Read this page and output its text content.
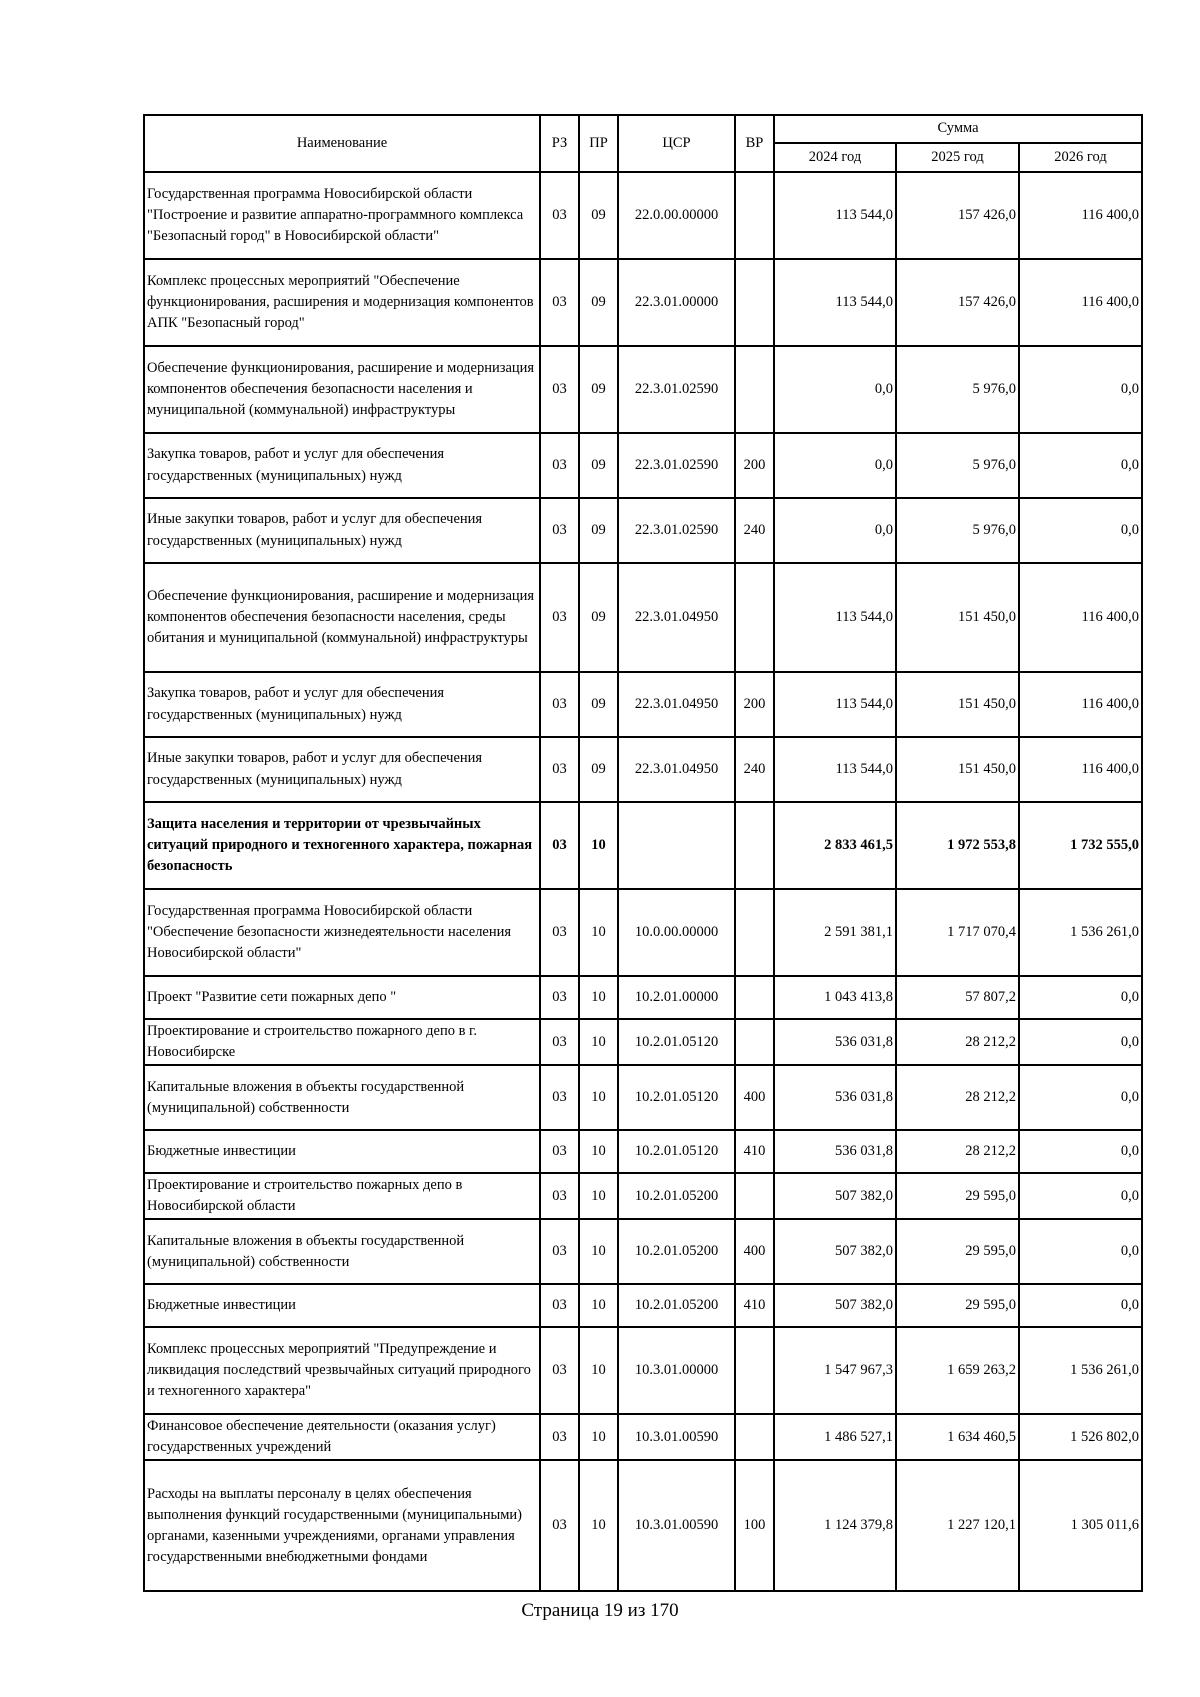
Наименование	РЗ	ПР	ЦСР	ВР	Сумма		
					2024 год	2025 год	2026 год
Государственная программа Новосибирской области "Построение и развитие аппаратно-программного комплекса "Безопасный город" в Новосибирской области"	03	09	22.0.00.00000		113 544,0	157 426,0	116 400,0
Комплекс процессных мероприятий "Обеспечение функционирования, расширения и модернизация компонентов АПК "Безопасный город"	03	09	22.3.01.00000		113 544,0	157 426,0	116 400,0
Обеспечение функционирования, расширение и модернизация компонентов обеспечения безопасности населения и муниципальной (коммунальной) инфраструктуры	03	09	22.3.01.02590		0,0	5 976,0	0,0
Закупка товаров, работ и услуг для обеспечения государственных (муниципальных) нужд	03	09	22.3.01.02590	200	0,0	5 976,0	0,0
Иные закупки товаров, работ и услуг для обеспечения государственных (муниципальных) нужд	03	09	22.3.01.02590	240	0,0	5 976,0	0,0
Обеспечение функционирования, расширение и модернизация компонентов обеспечения безопасности населения, среды обитания и муниципальной (коммунальной) инфраструктуры	03	09	22.3.01.04950		113 544,0	151 450,0	116 400,0
Закупка товаров, работ и услуг для обеспечения государственных (муниципальных) нужд	03	09	22.3.01.04950	200	113 544,0	151 450,0	116 400,0
Иные закупки товаров, работ и услуг для обеспечения государственных (муниципальных) нужд	03	09	22.3.01.04950	240	113 544,0	151 450,0	116 400,0
Защита населения и территории от чрезвычайных ситуаций природного и техногенного характера, пожарная безопасность	03	10			2 833 461,5	1 972 553,8	1 732 555,0
Государственная программа Новосибирской области "Обеспечение безопасности жизнедеятельности населения Новосибирской области"	03	10	10.0.00.00000		2 591 381,1	1 717 070,4	1 536 261,0
Проект "Развитие сети пожарных депо "	03	10	10.2.01.00000		1 043 413,8	57 807,2	0,0
Проектирование и строительство пожарного депо в г. Новосибирске	03	10	10.2.01.05120		536 031,8	28 212,2	0,0
Капитальные вложения в объекты государственной (муниципальной) собственности	03	10	10.2.01.05120	400	536 031,8	28 212,2	0,0
Бюджетные инвестиции	03	10	10.2.01.05120	410	536 031,8	28 212,2	0,0
Проектирование и строительство пожарных депо в Новосибирской области	03	10	10.2.01.05200		507 382,0	29 595,0	0,0
Капитальные вложения в объекты государственной (муниципальной) собственности	03	10	10.2.01.05200	400	507 382,0	29 595,0	0,0
Бюджетные инвестиции	03	10	10.2.01.05200	410	507 382,0	29 595,0	0,0
Комплекс процессных мероприятий "Предупреждение и ликвидация последствий чрезвычайных ситуаций природного и техногенного характера"	03	10	10.3.01.00000		1 547 967,3	1 659 263,2	1 536 261,0
Финансовое обеспечение деятельности (оказания услуг) государственных учреждений	03	10	10.3.01.00590		1 486 527,1	1 634 460,5	1 526 802,0
Расходы на выплаты персоналу в целях обеспечения выполнения функций государственными (муниципальными) органами, казенными учреждениями, органами управления государственными внебюджетными фондами	03	10	10.3.01.00590	100	1 124 379,8	1 227 120,1	1 305 011,6
Страница 19 из 170
